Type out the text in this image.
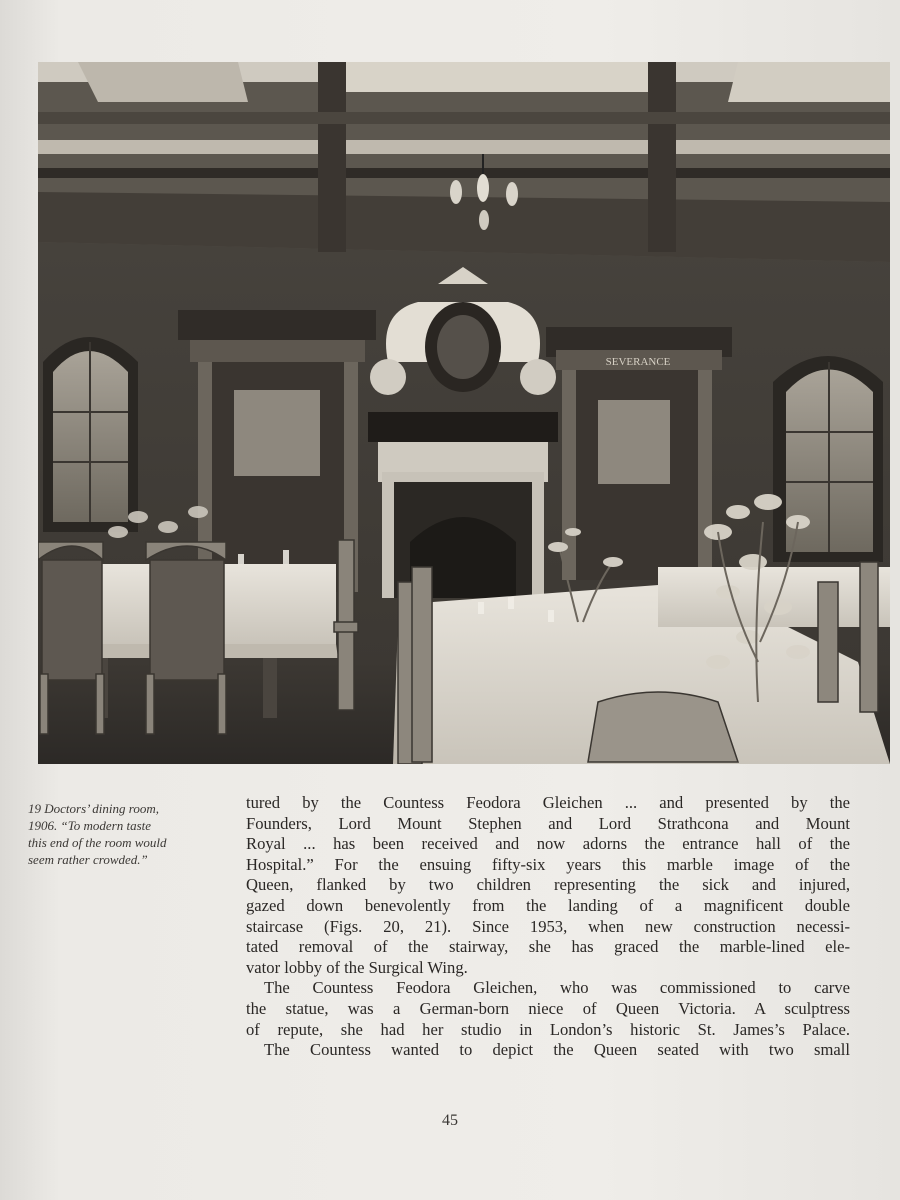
SEVERANCE
19 Doctors’ dining room,
1906. “To modern taste
this end of the room would
seem rather crowded.”

tured by the Countess Feodora Gleichen ... and presented by the
Founders, Lord Mount Stephen and Lord Strathcona and Mount
Royal ... has been received and now adorns the entrance hall of the
Hospital.” For the ensuing fifty-six years this marble image of the
Queen, flanked by two children representing the sick and injured,
gazed down benevolently from the landing of a magnificent double
staircase (Figs. 20, 21). Since 1953, when new construction necessi-
tated removal of the stairway, she has graced the marble-lined ele-
vator lobby of the Surgical Wing.

The Countess Feodora Gleichen, who was commissioned to carve
the statue, was a German-born niece of Queen Victoria. A sculptress
of repute, she had her studio in London’s historic St. James’s Palace.

The Countess wanted to depict the Queen seated with two small

45
